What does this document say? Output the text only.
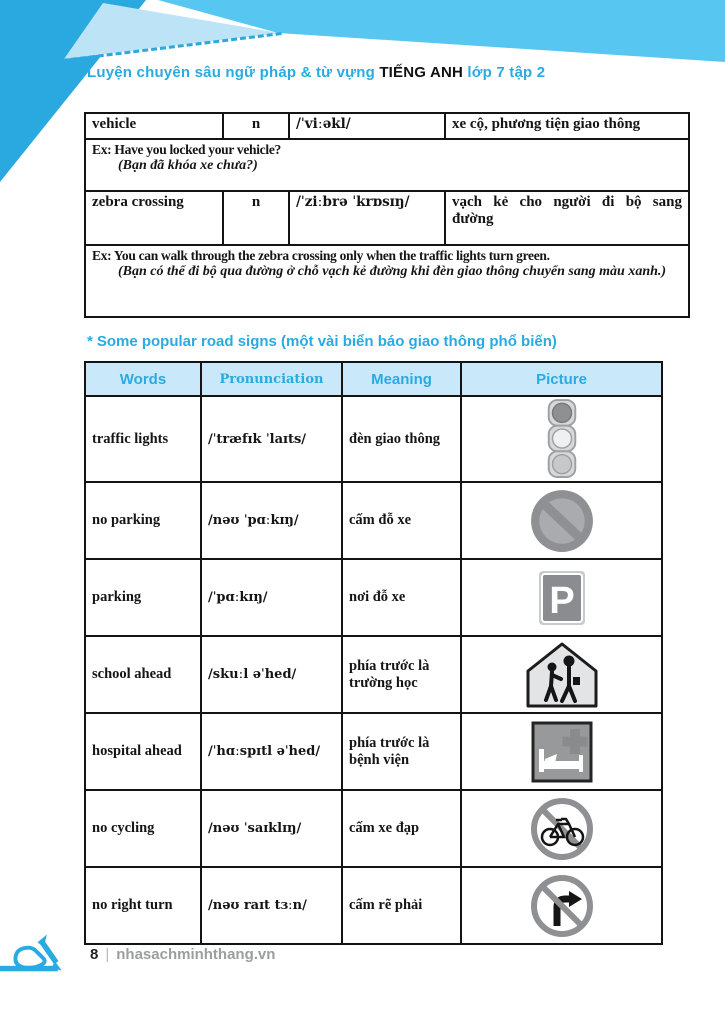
Luyện chuyên sâu ngữ pháp & từ vựng TIẾNG ANH lớp 7 tập 2
vehicle	n	/ˈviːəkl/	xe cộ, phương tiện giao thông

Ex: Have you locked your vehicle?
(Bạn đã khóa xe chưa?)			

zebra crossing	n	/ˈziːbrə ˈkrɒsɪŋ/	vạch kẻ cho người đi bộ sang đường

Ex: You can walk through the zebra crossing only when the traffic lights turn green.
(Bạn có thể đi bộ qua đường ở chỗ vạch kẻ đường khi đèn giao thông chuyển sang màu xanh.)			
* Some popular road signs (một vài biển báo giao thông phổ biến)
Words	Pronunciation	Meaning	Picture
traffic lights	/ˈtræfɪk ˈlaɪts/	đèn giao thông	
no parking	/nəʊ ˈpɑːkɪŋ/	cấm đỗ xe	
parking	/ˈpɑːkɪŋ/	nơi đỗ xe	P

school ahead	/skuːl əˈhed/	phía trước là trường học	
hospital ahead	/ˈhɑːspɪtl əˈhed/	phía trước là bệnh viện	
no cycling	/nəʊ ˈsaɪklɪŋ/	cấm xe đạp	
no right turn	/nəʊ raɪt tɜːn/	cấm rẽ phải	
8 | nhasachminhthang.vn
